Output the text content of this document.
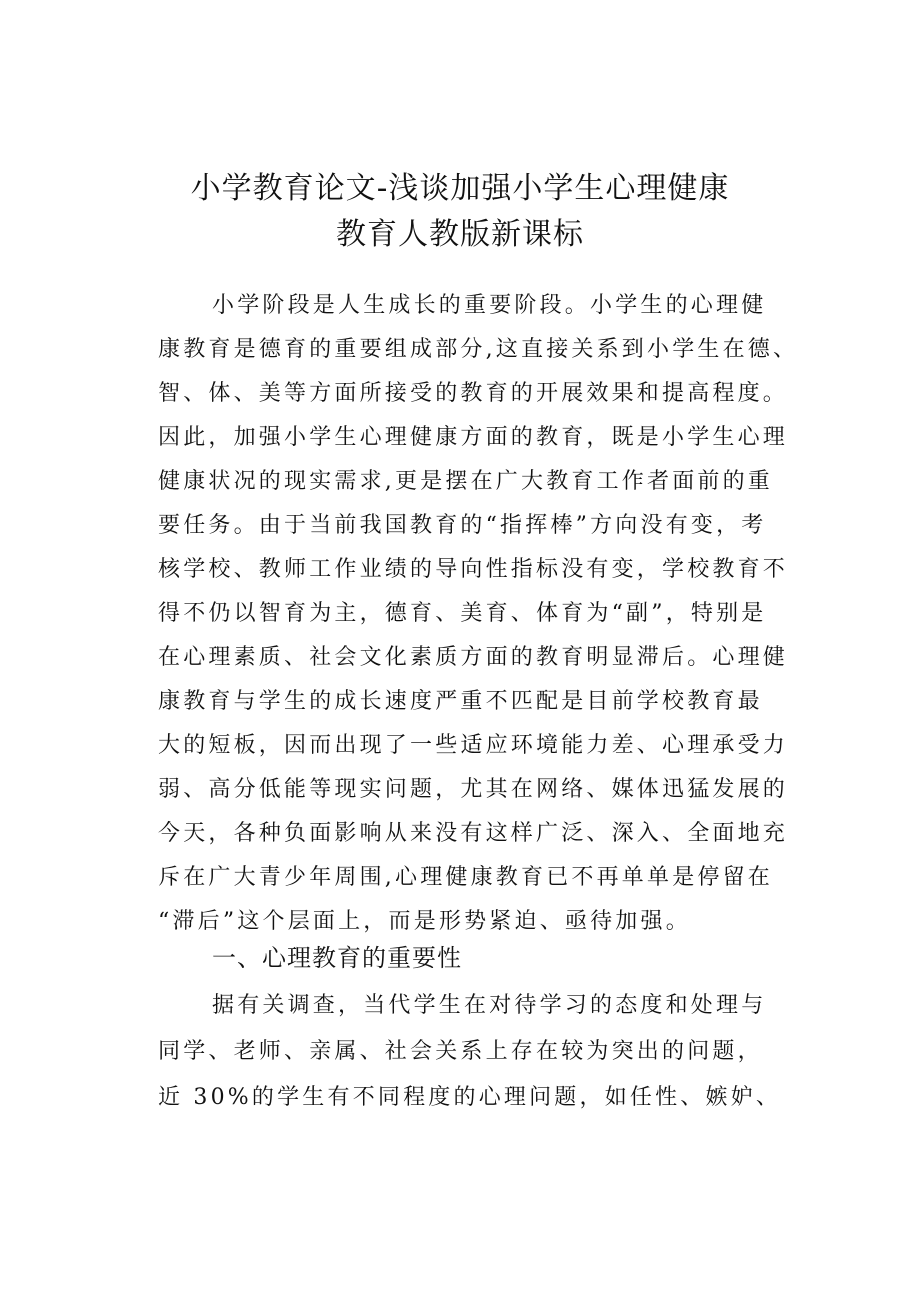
小学教育论文-浅谈加强小学生心理健康
教育人教版新课标
小学阶段是人生成长的重要阶段。小学生的心理健
康教育是德育的重要组成部分,这直接关系到小学生在德、
智、体、美等方面所接受的教育的开展效果和提高程度。
因此，加强小学生心理健康方面的教育，既是小学生心理
健康状况的现实需求,更是摆在广大教育工作者面前的重
要任务。由于当前我国教育的“指挥棒”方向没有变，考
核学校、教师工作业绩的导向性指标没有变，学校教育不
得不仍以智育为主，德育、美育、体育为“副”，特别是
在心理素质、社会文化素质方面的教育明显滞后。心理健
康教育与学生的成长速度严重不匹配是目前学校教育最
大的短板，因而出现了一些适应环境能力差、心理承受力
弱、高分低能等现实问题，尤其在网络、媒体迅猛发展的
今天，各种负面影响从来没有这样广泛、深入、全面地充
斥在广大青少年周围,心理健康教育已不再单单是停留在
“滞后”这个层面上，而是形势紧迫、亟待加强。
一、心理教育的重要性
据有关调查，当代学生在对待学习的态度和处理与
同学、老师、亲属、社会关系上存在较为突出的问题，
近 30%的学生有不同程度的心理问题，如任性、嫉妒、
